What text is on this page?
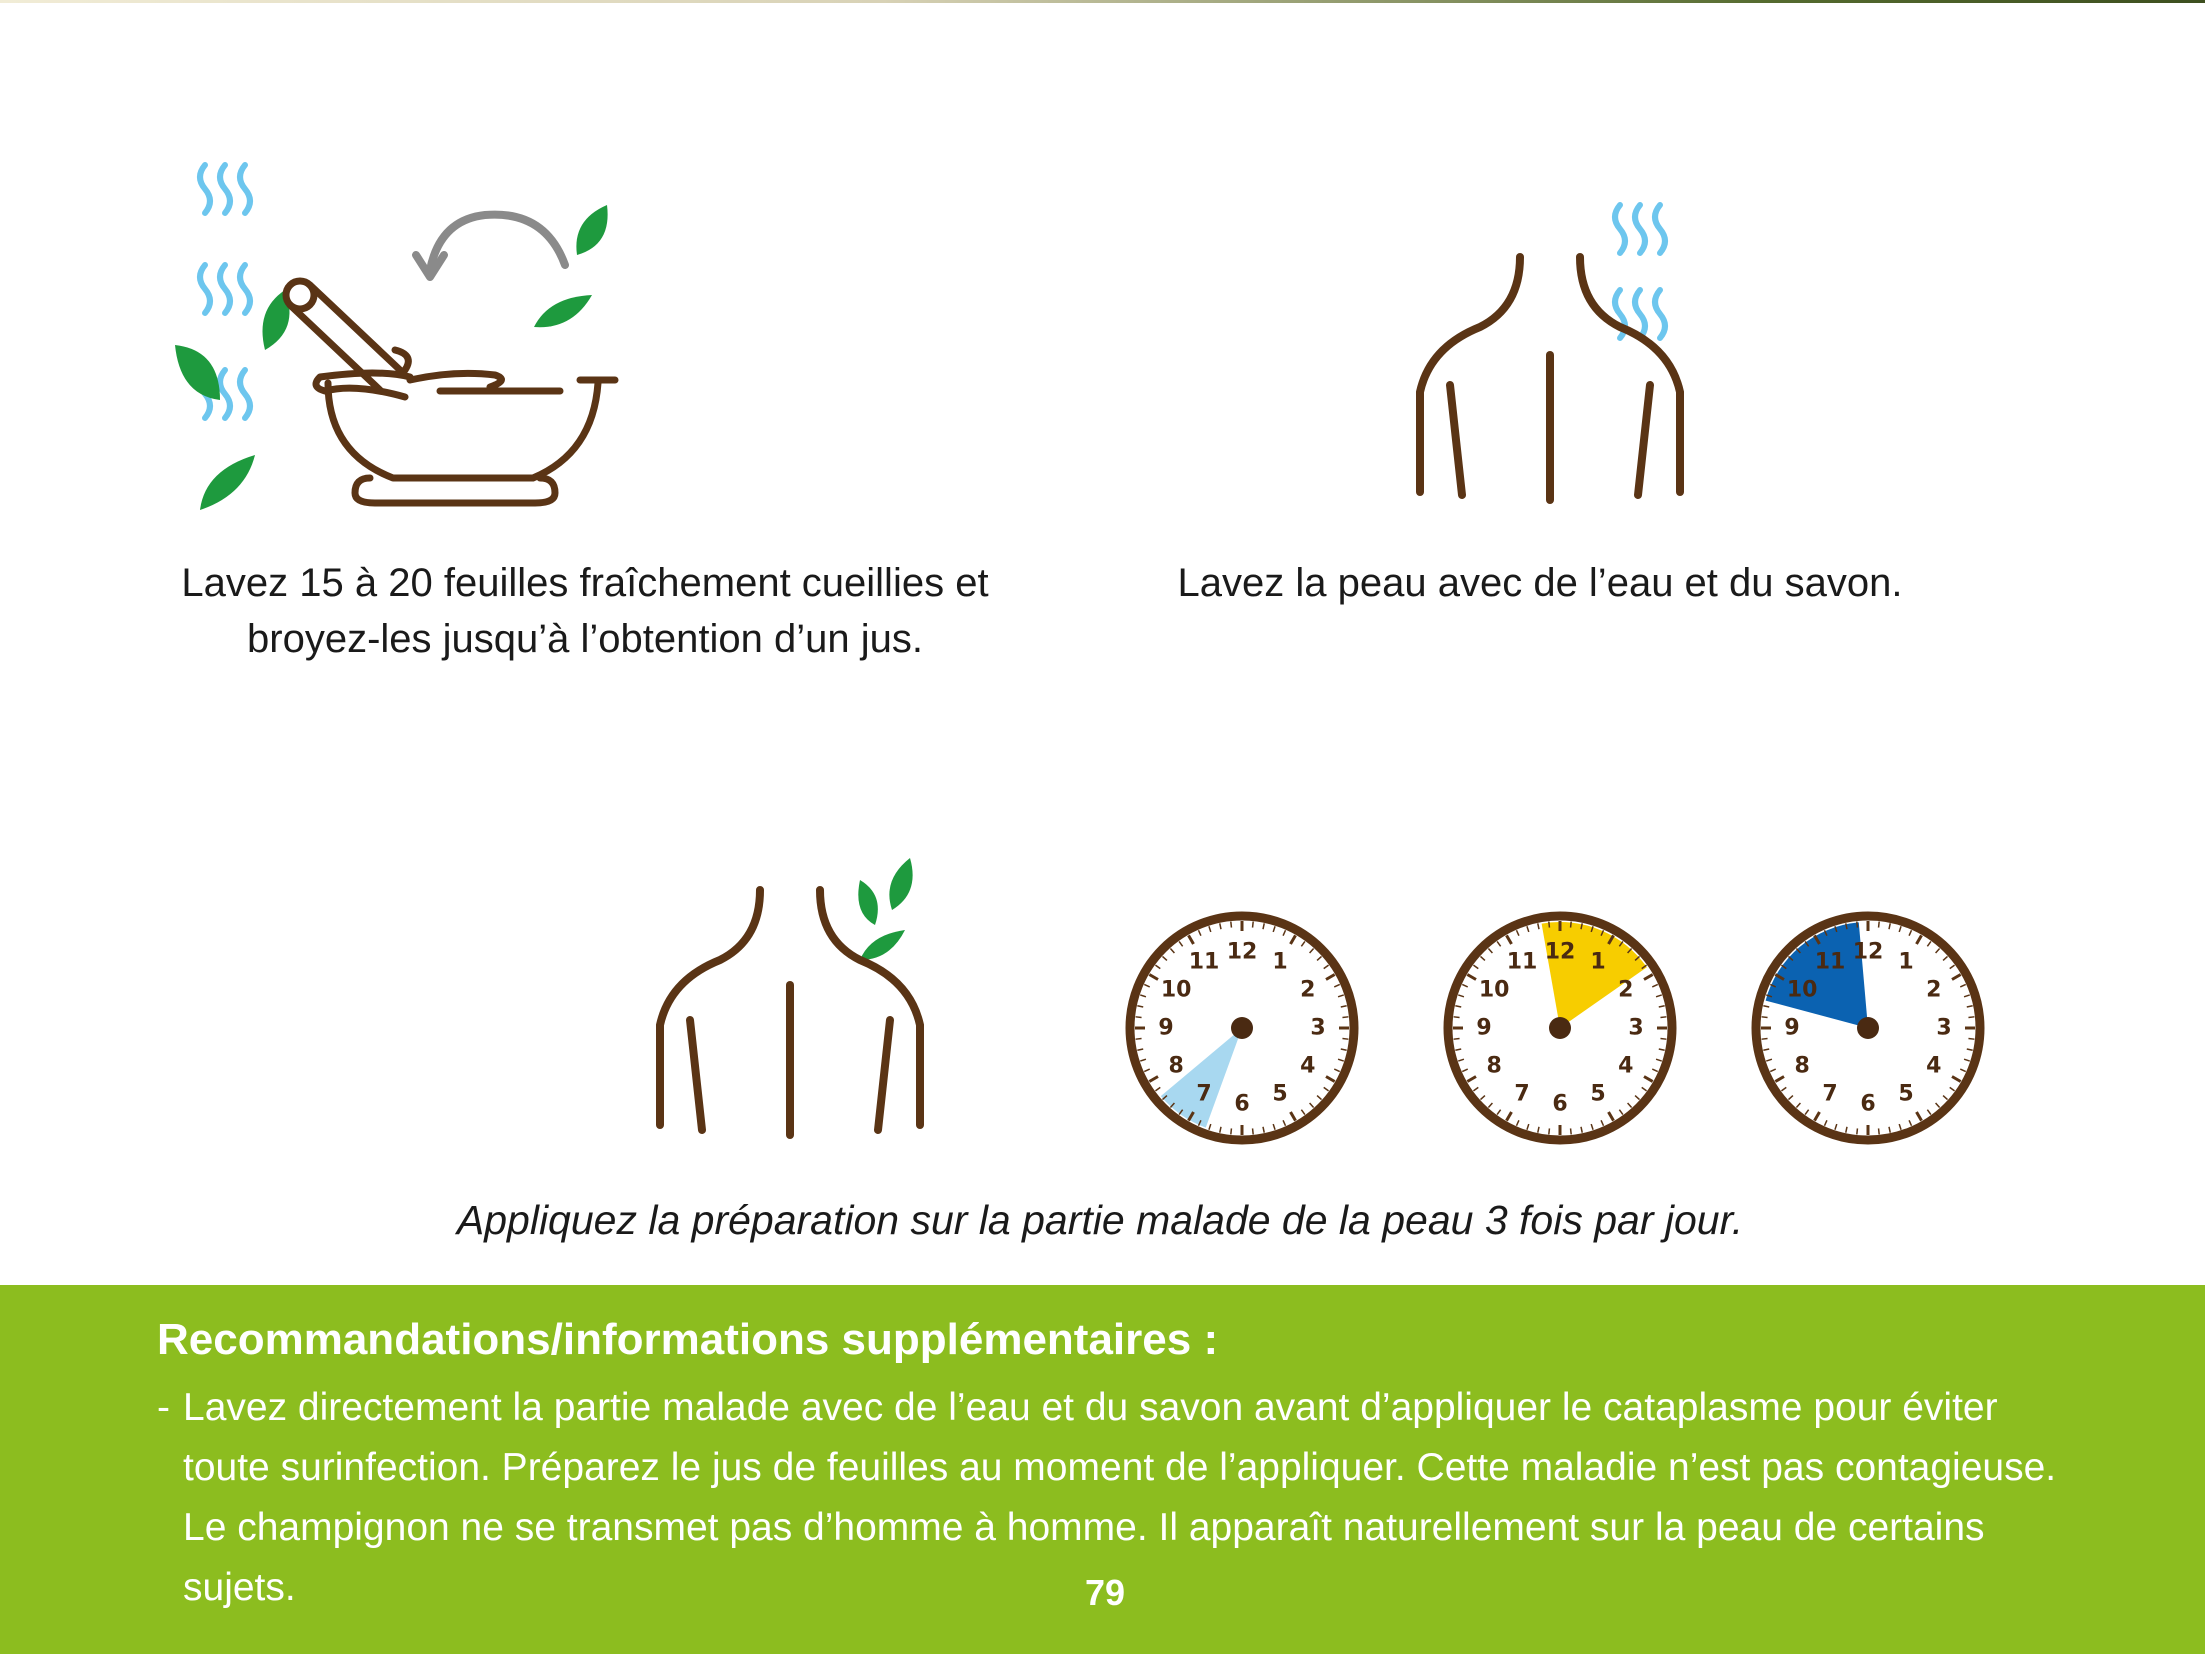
12 1
2
3
4
5
6
7
8
9
10
11	12 1
2
3
4
5
6
7
8
9
10
11	12 1
2
3
4
5
6
7
8
9
10
11
Lavez 15 à 20 feuilles fraîchement cueillies et broyez-les jusqu’à l’obtention d’un jus.
Lavez la peau avec de l’eau et du savon.
Appliquez la préparation sur la partie malade de la peau 3 fois par jour.
Recommandations/informations supplémentaires :
- Lavez directement la partie malade avec de l’eau et du savon avant d’appliquer le cataplasme pour éviter toute surinfection. Préparez le jus de feuilles au moment de l’appliquer. Cette maladie n’est pas contagieuse. Le champignon ne se transmet pas d’homme à homme. Il apparaît naturellement sur la peau de certains sujets.	79
